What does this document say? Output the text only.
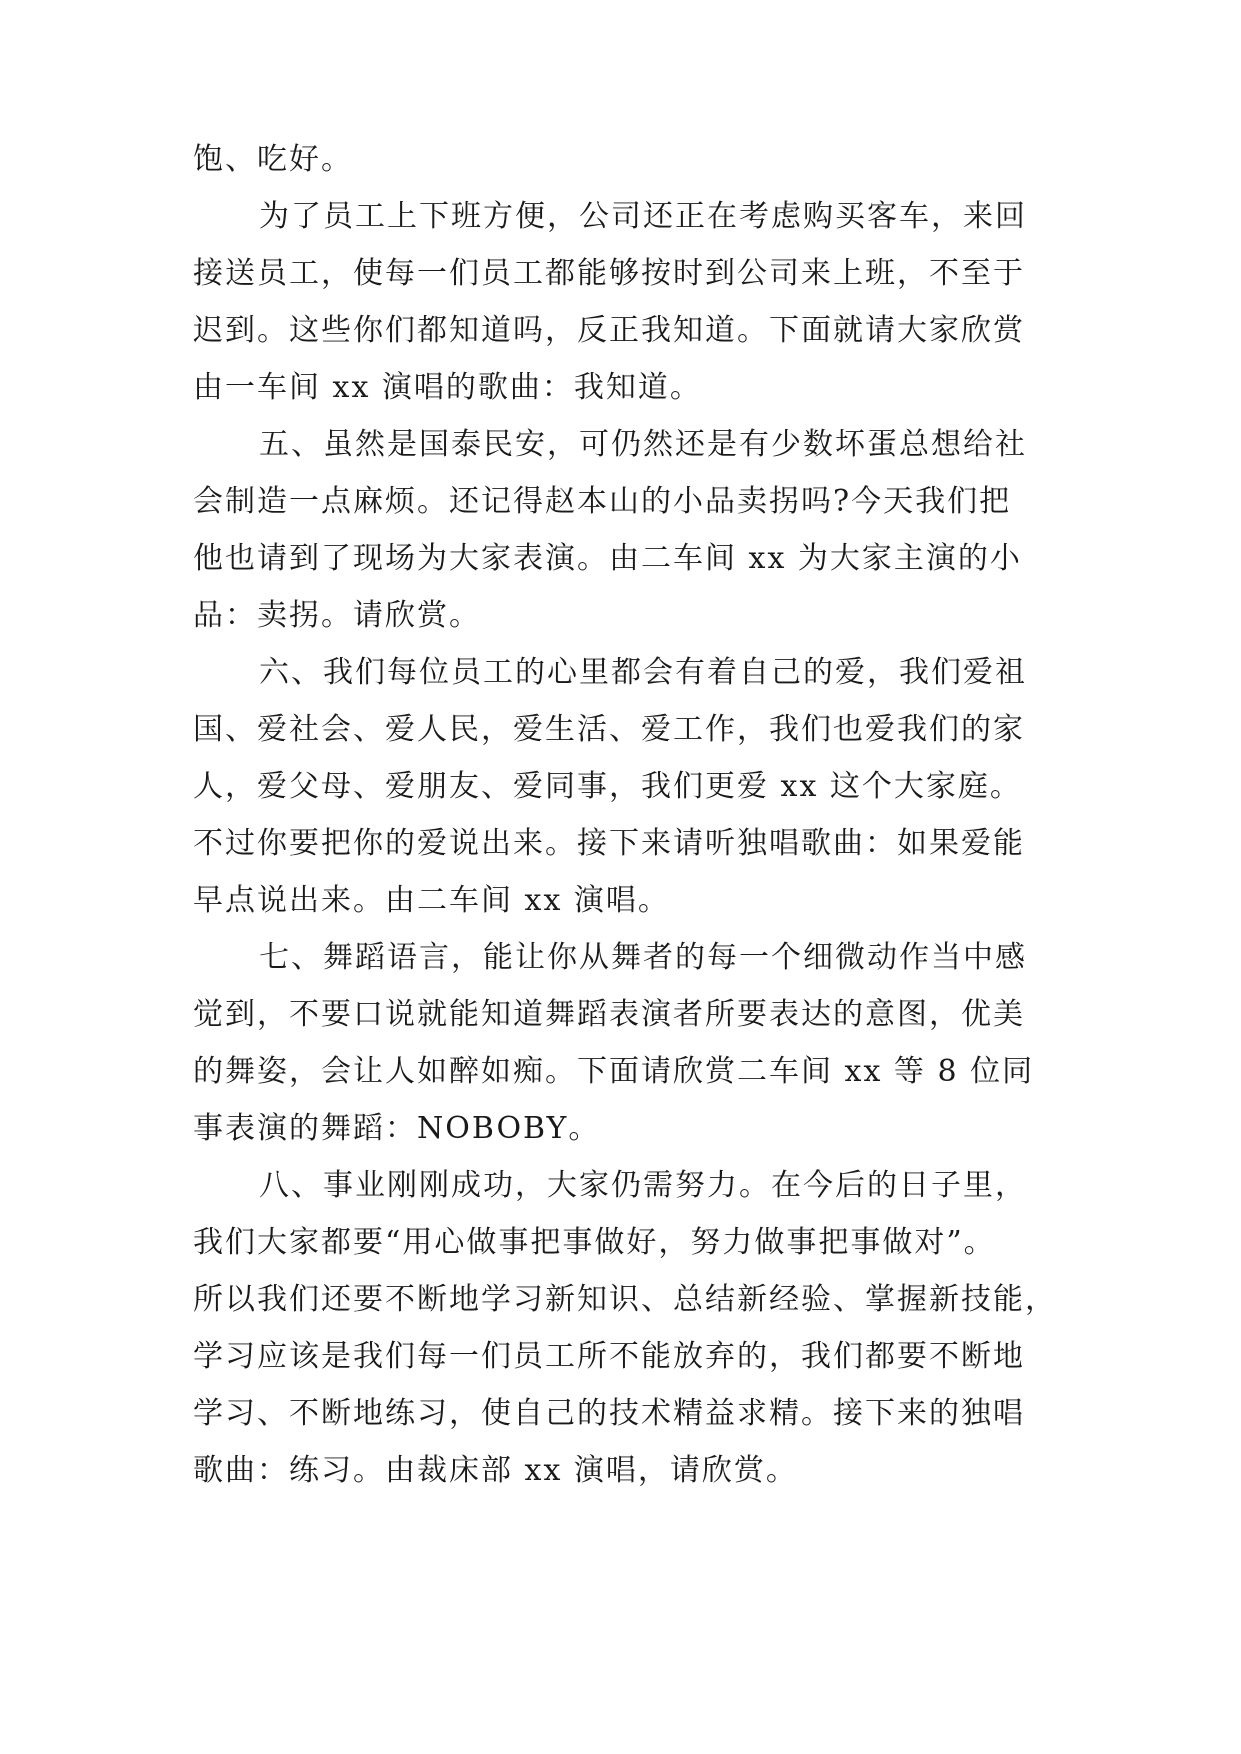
饱、吃好。
为了员工上下班方便，公司还正在考虑购买客车，来回
接送员工，使每一们员工都能够按时到公司来上班，不至于
迟到。这些你们都知道吗，反正我知道。下面就请大家欣赏
由一车间 xx 演唱的歌曲：我知道。
五、虽然是国泰民安，可仍然还是有少数坏蛋总想给社
会制造一点麻烦。还记得赵本山的小品卖拐吗?今天我们把
他也请到了现场为大家表演。由二车间 xx 为大家主演的小
品：卖拐。请欣赏。
六、我们每位员工的心里都会有着自己的爱，我们爱祖
国、爱社会、爱人民，爱生活、爱工作，我们也爱我们的家
人，爱父母、爱朋友、爱同事，我们更爱 xx 这个大家庭。
不过你要把你的爱说出来。接下来请听独唱歌曲：如果爱能
早点说出来。由二车间 xx 演唱。
七、舞蹈语言，能让你从舞者的每一个细微动作当中感
觉到，不要口说就能知道舞蹈表演者所要表达的意图，优美
的舞姿，会让人如醉如痴。下面请欣赏二车间 xx 等 8 位同
事表演的舞蹈：NOBOBY。
八、事业刚刚成功，大家仍需努力。在今后的日子里，
我们大家都要“用心做事把事做好，努力做事把事做对”。
所以我们还要不断地学习新知识、总结新经验、掌握新技能，
学习应该是我们每一们员工所不能放弃的，我们都要不断地
学习、不断地练习，使自己的技术精益求精。接下来的独唱
歌曲：练习。由裁床部 xx 演唱，请欣赏。
